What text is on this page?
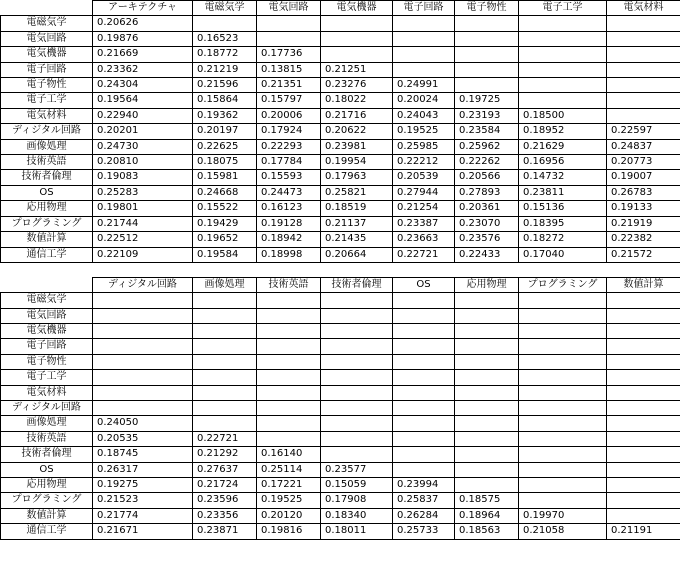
	アーキテクチャ	電磁気学	電気回路	電気機器	電子回路	電子物性	電子工学	電気材料
電磁気学	0.20626							
電気回路	0.19876	0.16523						
電気機器	0.21669	0.18772	0.17736					
電子回路	0.23362	0.21219	0.13815	0.21251				
電子物性	0.24304	0.21596	0.21351	0.23276	0.24991			
電子工学	0.19564	0.15864	0.15797	0.18022	0.20024	0.19725		
電気材料	0.22940	0.19362	0.20006	0.21716	0.24043	0.23193	0.18500	
ディジタル回路	0.20201	0.20197	0.17924	0.20622	0.19525	0.23584	0.18952	0.22597
画像処理	0.24730	0.22625	0.22293	0.23981	0.25985	0.25962	0.21629	0.24837
技術英語	0.20810	0.18075	0.17784	0.19954	0.22212	0.22262	0.16956	0.20773
技術者倫理	0.19083	0.15981	0.15593	0.17963	0.20539	0.20566	0.14732	0.19007
OS	0.25283	0.24668	0.24473	0.25821	0.27944	0.27893	0.23811	0.26783
応用物理	0.19801	0.15522	0.16123	0.18519	0.21254	0.20361	0.15136	0.19133
プログラミング	0.21744	0.19429	0.19128	0.21137	0.23387	0.23070	0.18395	0.21919
数値計算	0.22512	0.19652	0.18942	0.21435	0.23663	0.23576	0.18272	0.22382
通信工学	0.22109	0.19584	0.18998	0.20664	0.22721	0.22433	0.17040	0.21572

	ディジタル回路	画像処理	技術英語	技術者倫理	OS	応用物理	プログラミング	数値計算
電磁気学								
電気回路								
電気機器								
電子回路								
電子物性								
電子工学								
電気材料								
ディジタル回路								
画像処理	0.24050							
技術英語	0.20535	0.22721						
技術者倫理	0.18745	0.21292	0.16140					
OS	0.26317	0.27637	0.25114	0.23577				
応用物理	0.19275	0.21724	0.17221	0.15059	0.23994			
プログラミング	0.21523	0.23596	0.19525	0.17908	0.25837	0.18575		
数値計算	0.21774	0.23356	0.20120	0.18340	0.26284	0.18964	0.19970	
通信工学	0.21671	0.23871	0.19816	0.18011	0.25733	0.18563	0.21058	0.21191
